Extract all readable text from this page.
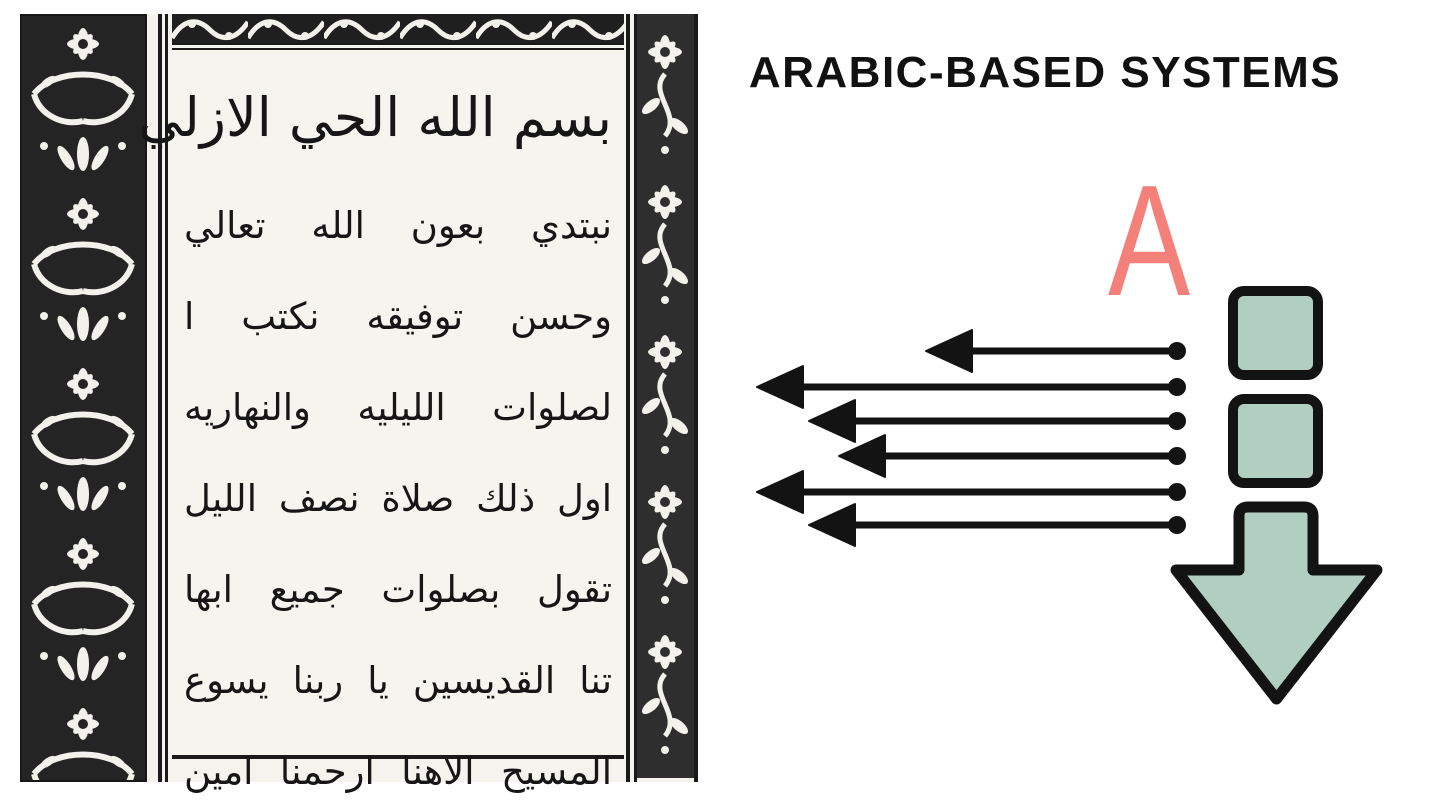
بسم الله الحي الازلي
نبتدي بعون الله تعالي
وحسن توفيقه نكتب ا
لصلوات الليليه والنهاريه
اول ذلك صلاة نصف الليل
تقول بصلوات جميع ابها
تنا القديسين يا ربنا يسوع
المسيح الاهنا ارحمنا امين
ARABIC-BASED SYSTEMS
A
